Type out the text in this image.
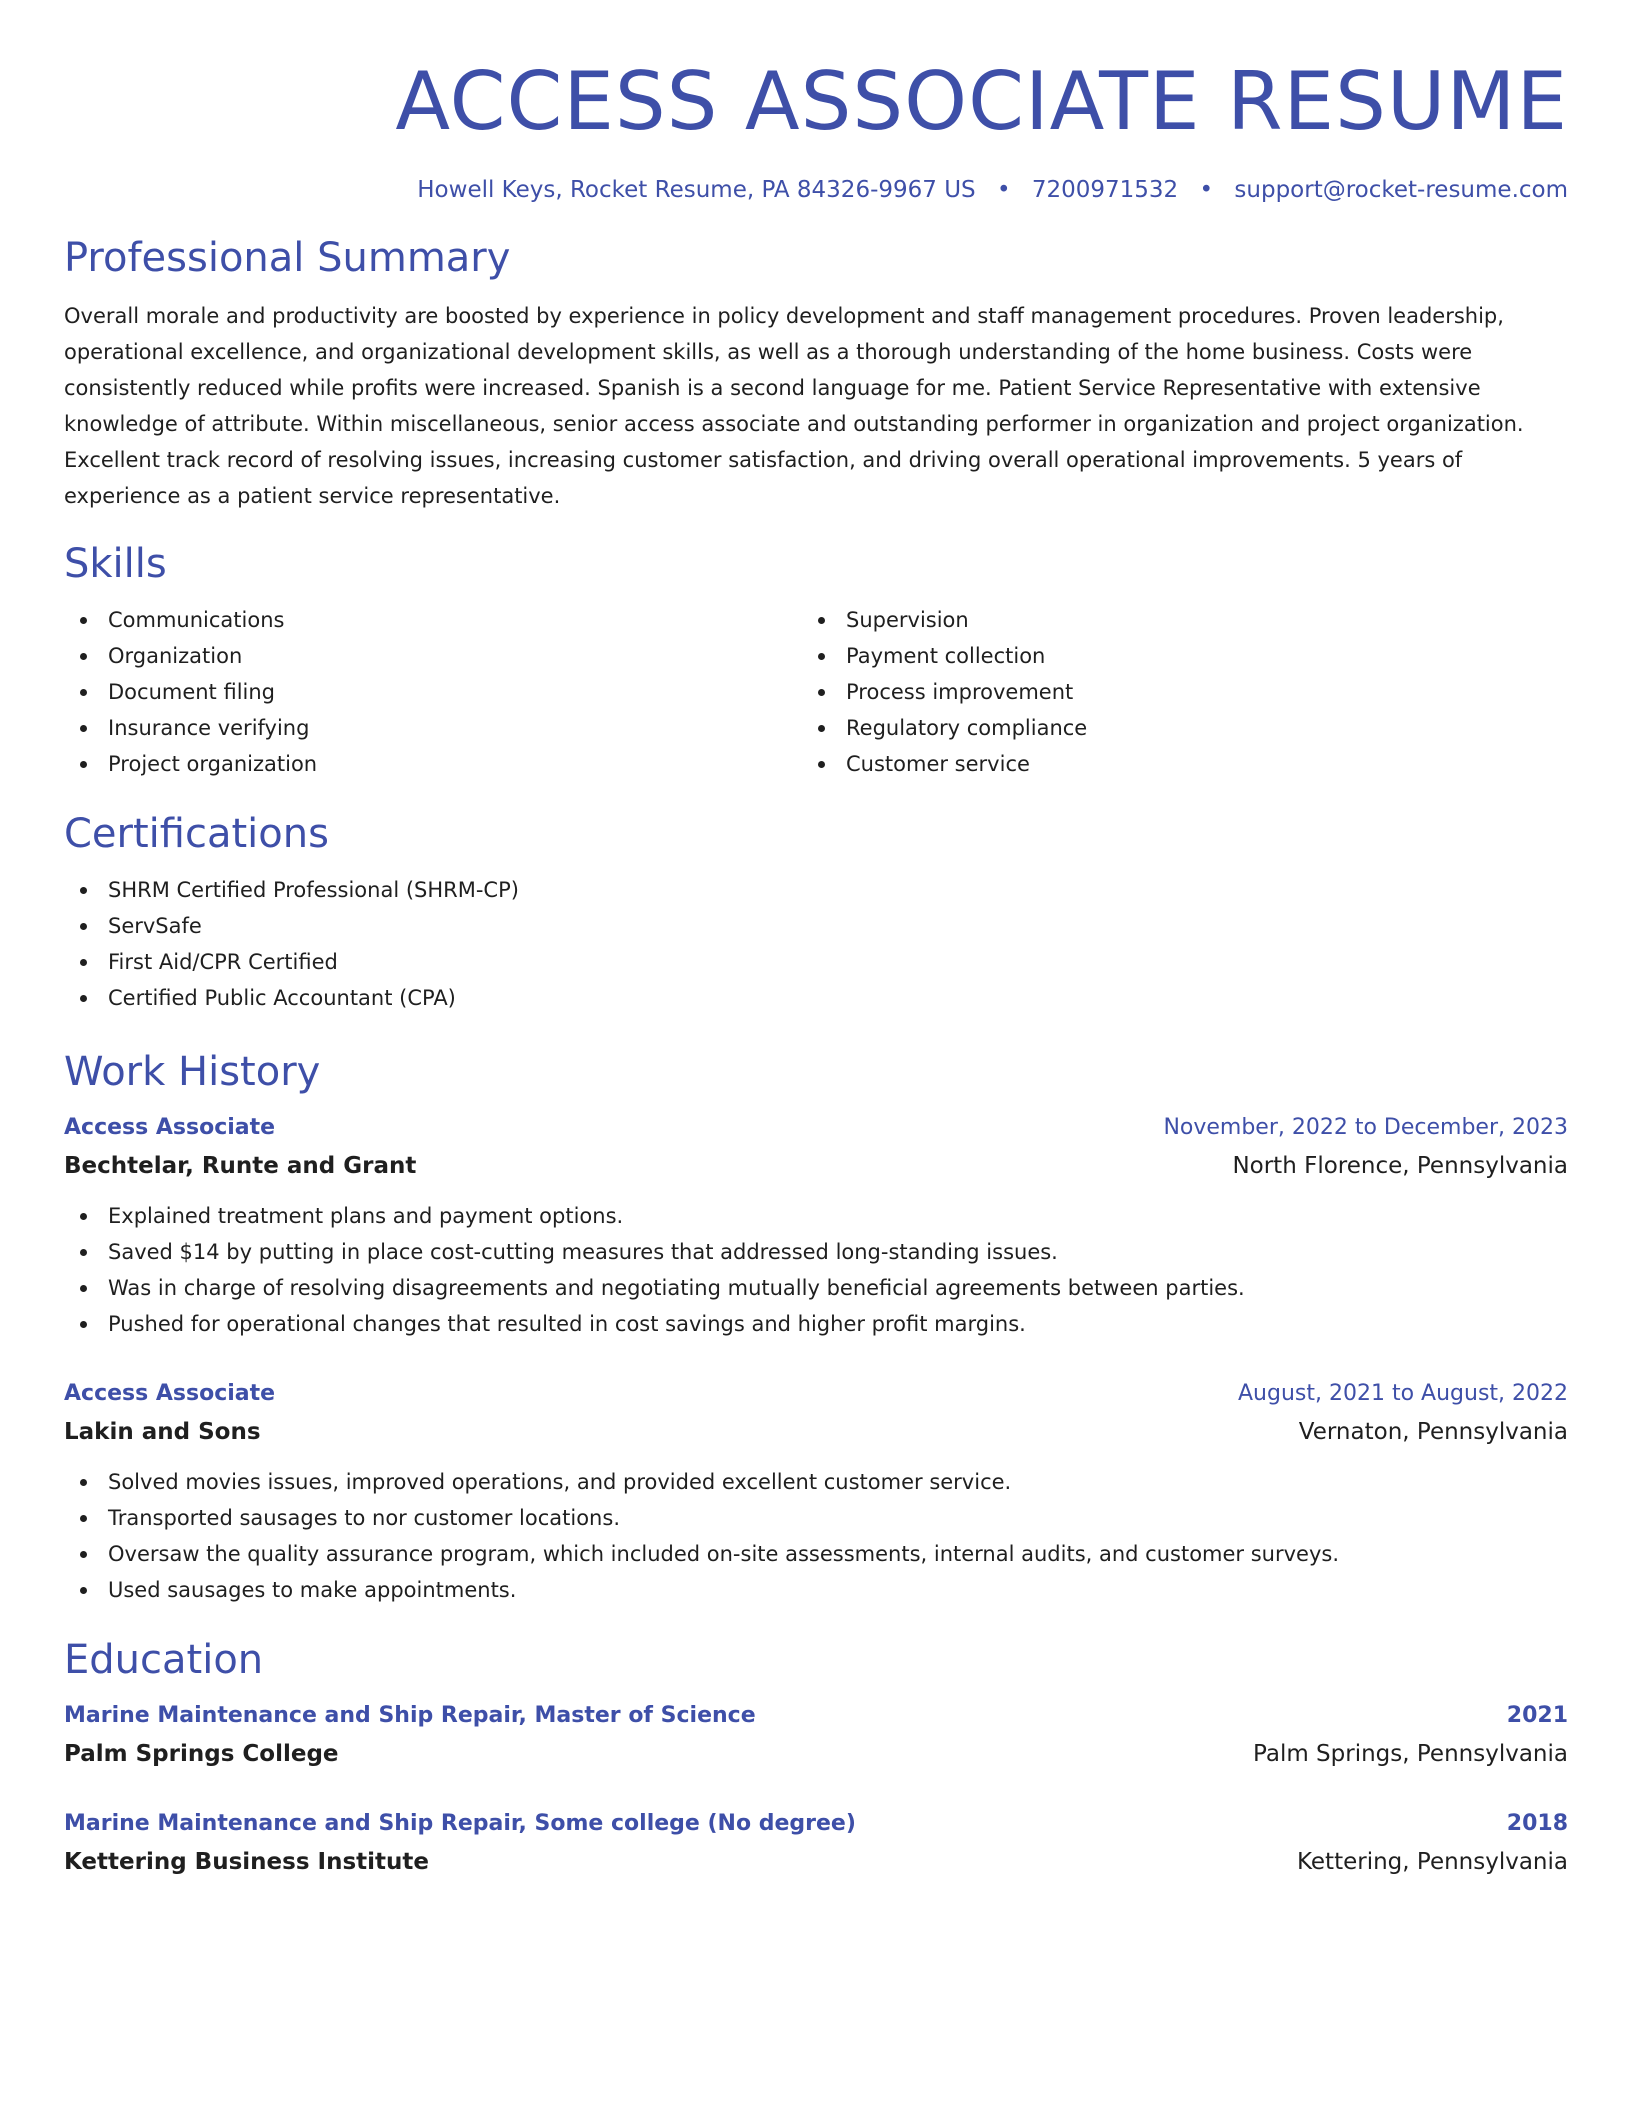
ACCESS ASSOCIATE RESUME
Howell Keys, Rocket Resume, PA 84326-9967 US • 7200971532 • support@rocket-resume.com
Professional Summary

Overall morale and productivity are boosted by experience in policy development and staff management procedures. Proven leadership, operational excellence, and organizational development skills, as well as a thorough understanding of the home business. Costs were consistently reduced while profits were increased. Spanish is a second language for me. Patient Service Representative with extensive knowledge of attribute. Within miscellaneous, senior access associate and outstanding performer in organization and project organization. Excellent track record of resolving issues, increasing customer satisfaction, and driving overall operational improvements. 5 years of experience as a patient service representative.

Skills
Communications
Organization
Document filing
Insurance verifying
Project organization
Supervision
Payment collection
Process improvement
Regulatory compliance
Customer service
Certifications
SHRM Certified Professional (SHRM-CP)
ServSafe
First Aid/CPR Certified
Certified Public Accountant (CPA)
Work History
Access Associate	November, 2022 to December, 2023
Bechtelar, Runte and Grant	North Florence, Pennsylvania
Explained treatment plans and payment options.
Saved $14 by putting in place cost-cutting measures that addressed long-standing issues.
Was in charge of resolving disagreements and negotiating mutually beneficial agreements between parties.
Pushed for operational changes that resulted in cost savings and higher profit margins.
Access Associate	August, 2021 to August, 2022
Lakin and Sons	Vernaton, Pennsylvania
Solved movies issues, improved operations, and provided excellent customer service.
Transported sausages to nor customer locations.
Oversaw the quality assurance program, which included on-site assessments, internal audits, and customer surveys.
Used sausages to make appointments.
Education
Marine Maintenance and Ship Repair, Master of Science	2021
Palm Springs College	Palm Springs, Pennsylvania
Marine Maintenance and Ship Repair, Some college (No degree)	2018
Kettering Business Institute	Kettering, Pennsylvania
